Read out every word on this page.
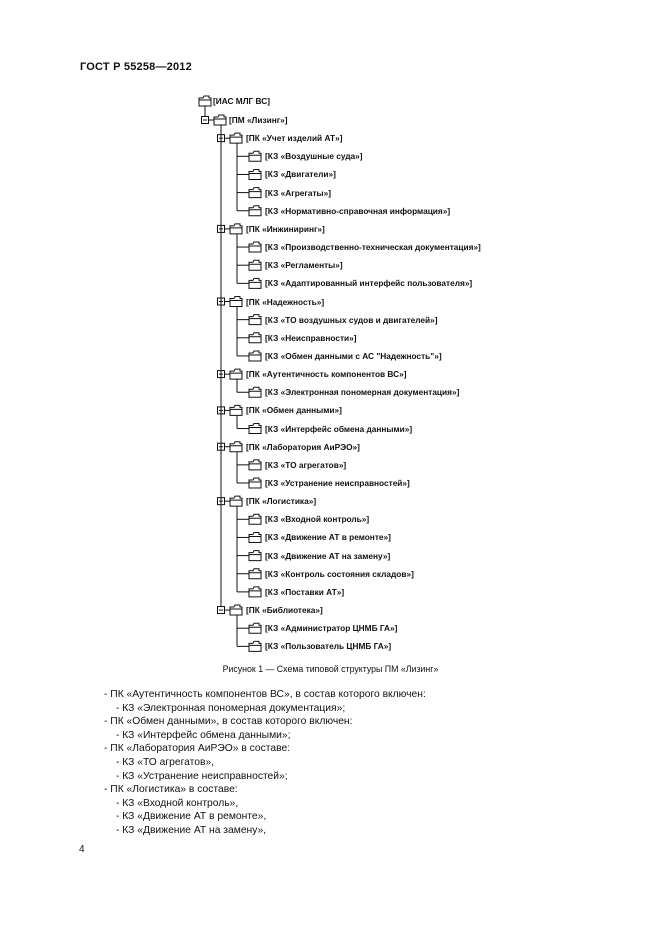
ГОСТ Р 55258—2012
[ИАС МЛГ ВС]
[ПМ «Лизинг»]
[ПК «Учет изделий АТ»]
[КЗ «Воздушные суда»]
[КЗ «Двигатели»]
[КЗ «Агрегаты»]
[КЗ «Нормативно-справочная информация»]
[ПК «Инжиниринг»]
[КЗ «Производственно-техническая документация»]
[КЗ «Регламенты»]
[КЗ «Адаптированный интерфейс пользователя»]
[ПК «Надежность»]
[КЗ «ТО воздушных судов и двигателей»]
[КЗ «Неисправности»]
[КЗ «Обмен данными с АС "Надежность"»]
[ПК «Аутентичность компонентов ВС»]
[КЗ «Электронная пономерная документация»]
[ПК «Обмен данными»]
[КЗ «Интерфейс обмена данными»]
[ПК «Лаборатория АиРЭО»]
[КЗ «ТО агрегатов»]
[КЗ «Устранение неисправностей»]
[ПК «Логистика»]
[КЗ «Входной контроль»]
[КЗ «Движение АТ в ремонте»]
[КЗ «Движение АТ на замену»]
[КЗ «Контроль состояния складов»]
[КЗ «Поставки АТ»]
[ПК «Библиотека»]
[КЗ «Администратор ЦНМБ ГА»]
[КЗ «Пользователь ЦНМБ ГА»]
Рисунок 1 — Схема типовой структуры ПМ «Лизинг»
- ПК «Аутентичность компонентов ВС», в состав которого включен:
- КЗ «Электронная пономерная документация»;
- ПК «Обмен данными», в состав которого включен:
- КЗ «Интерфейс обмена данными»;
- ПК «Лаборатория АиРЭО» в составе:
- КЗ «ТО агрегатов»,
- КЗ «Устранение неисправностей»;
- ПК «Логистика» в составе:
- КЗ «Входной контроль»,
- КЗ «Движение АТ в ремонте»,
- КЗ «Движение АТ на замену»,
4
